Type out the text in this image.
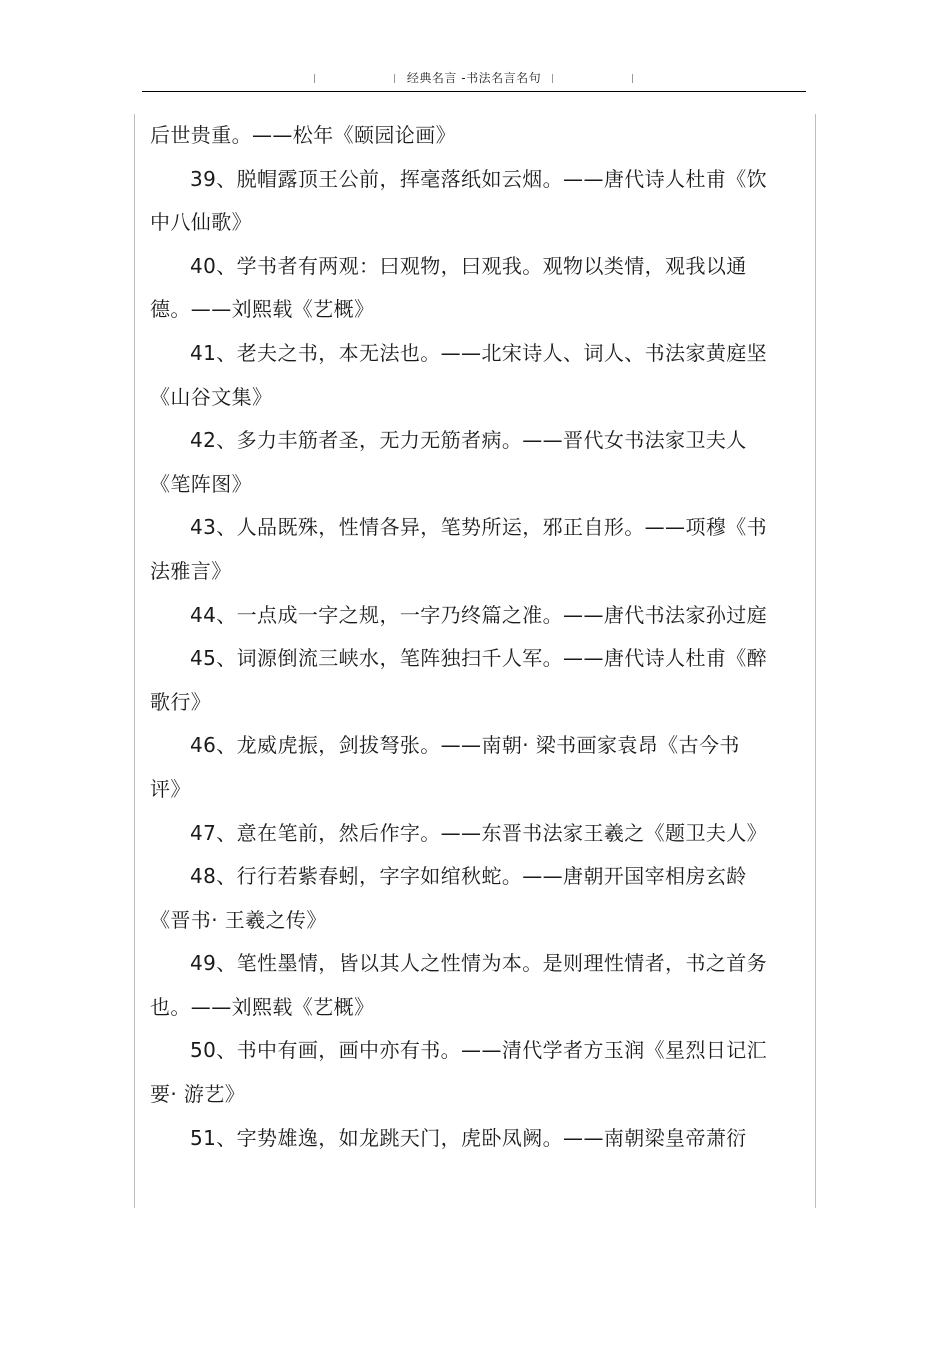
经典名言 -书法名言名句

后世贵重。——松年《颐园论画》

39、脱帽露顶王公前，挥毫落纸如云烟。——唐代诗人杜甫《饮中八仙歌》

40、学书者有两观：曰观物，曰观我。观物以类情，观我以通德。——刘熙载《艺概》

41、老夫之书，本无法也。——北宋诗人、词人、书法家黄庭坚《山谷文集》

42、多力丰筋者圣，无力无筋者病。——晋代女书法家卫夫人《笔阵图》

43、人品既殊，性情各异，笔势所运，邪正自形。——项穆《书法雅言》

44、一点成一字之规，一字乃终篇之准。——唐代书法家孙过庭

45、词源倒流三峡水，笔阵独扫千人军。——唐代诗人杜甫《醉歌行》

46、龙威虎振，剑拔弩张。——南朝· 梁书画家袁昂《古今书评》

47、意在笔前，然后作字。——东晋书法家王羲之《题卫夫人》

48、行行若紫春蚓，字字如绾秋蛇。——唐朝开国宰相房玄龄《晋书· 王羲之传》

49、笔性墨情，皆以其人之性情为本。是则理性情者，书之首务也。——刘熙载《艺概》

50、书中有画，画中亦有书。——清代学者方玉润《星烈日记汇要· 游艺》

51、字势雄逸，如龙跳天门，虎卧凤阙。——南朝梁皇帝萧衍
